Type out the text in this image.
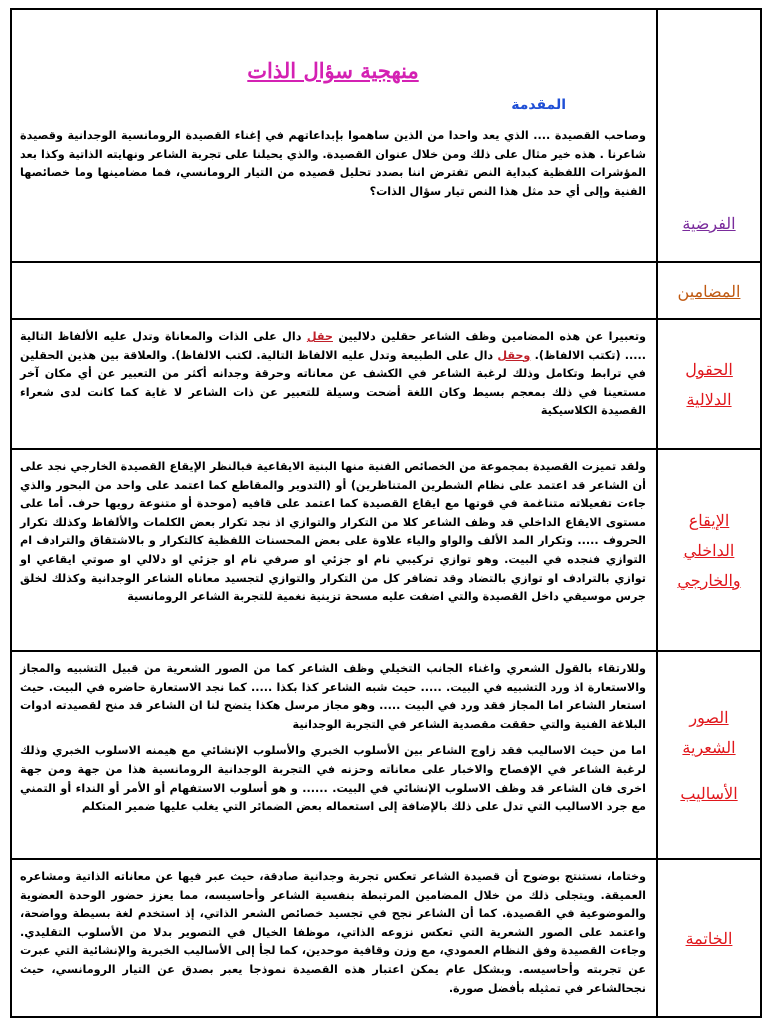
منهجية سؤال الذات
المقدمة

وصاحب القصيدة .... الذي يعد واحدا من الذين ساهموا بإبداعاتهم في إغناء القصيدة الرومانسية الوجدانية وقصيدة شاعرنا . هذه خير مثال على ذلك ومن خلال عنوان القصيدة. والذي يحيلنا على تجربة الشاعر ونهايته الذاتية وكذا بعد المؤشرات اللفظية كبداية النص تفترض اننا بصدد تحليل قصيده من التيار الرومانسي، فما مضامينها وما خصائصها الفنية وإلى أي حد مثل هذا النص تيار سؤال الذات؟

الفرضية
المضامين

وتعبيرا عن هذه المضامين وظف الشاعر حقلين دلاليين حقل دال على الذات والمعاناة وتدل عليه الألفاظ التالية ..... (تكتب الالفاظ). وحقل دال على الطبيعة وتدل عليه الالفاظ التالية. لكتب الالفاظ). والعلاقة بين هذين الحقلين في ترابط وتكامل وذلك لرغبة الشاعر في الكشف عن معاناته وحرقة وجدانه أكثر من التعبير عن أي مكان آخر مستعينا في ذلك بمعجم بسيط وكان اللغة أضحت وسيلة للتعبير عن ذات الشاعر لا غاية كما كانت لدى شعراء القصيدة الكلاسيكية

الحقول
الدلالية

ولقد تميزت القصيدة بمجموعة من الخصائص الفنية منها البنية الايقاعية فبالنظر الإيقاع القصيدة الخارجي نجد على أن الشاعر قد اعتمد على نظام الشطرين المتناظرين) أو (التدوير والمقاطع كما اعتمد على واحد من البحور والذي جاءت تفعيلاته متناغمة في قوتها مع ايقاع القصيدة كما اعتمد على قافيه (موحدة أو متنوعة رويها حرف. أما على مستوى الايقاع الداخلي قد وظف الشاعر كلا من التكرار والتوازي اذ نجد تكرار بعض الكلمات والألفاظ وكذلك تكرار الحروف ..... وتكرار المد الألف والواو والياء علاوة على بعض المحسنات اللفظية كالتكرار و بالاشتقاق والترادف ام التوازي فنجده في البيت. وهو توازي تركيبي نام او جزئي او صرفي نام او جزئي او دلالي او صوتي ايقاعي او توازي بالترادف او توازي بالتضاد وقد تضافر كل من التكرار والتوازي لتجسيد معاناه الشاعر الوجدانية وكذلك لخلق جرس موسيقي داخل القصيدة والتي اضفت عليه مسحة تزينية نغمية للتجربة الشاعر الرومانسية

الإيقاع
الداخلي
والخارجي

وللارتقاء بالقول الشعري واغناء الجانب التخيلي وظف الشاعر كما من الصور الشعرية من قبيل التشبيه والمجاز والاستعارة اذ ورد التشبيه في البيت. ..... حيث شبه الشاعر كذا بكذا ..... كما نجد الاستعارة حاضره في البيت. حيث استعار الشاعر اما المجاز فقد ورد في البيت ..... وهو مجاز مرسل هكذا يتضح لنا ان الشاعر قد منح لقصيدته ادوات البلاغة الفنية والتي حققت مقصدية الشاعر في التجربة الوجدانية

اما من حيث الاساليب فقد زاوج الشاعر بين الأسلوب الخبري والأسلوب الإنشائي مع هيمنه الاسلوب الخبري وذلك لرغبة الشاعر في الإفصاح والاخبار على معاناته وحزنه في التجربة الوجدانية الرومانسية هذا من جهة ومن جهة اخرى فان الشاعر قد وظف الاسلوب الإنشائي في البيت. ...... و هو أسلوب الاستفهام أو الأمر أو النداء أو التمني مع جرد الاساليب التي تدل على ذلك بالإضافة إلى استعماله بعض الضمائر التي يغلب عليها ضمير المتكلم

الصور
الشعرية
الأساليب

وختاما، نستنتج بوضوح أن قصيدة الشاعر تعكس تجربة وجدانية صادقة، حيث عبر فيها عن معاناته الذاتية ومشاعره العميقة. ويتجلى ذلك من خلال المضامين المرتبطة بنفسية الشاعر وأحاسيسه، مما يعزز حضور الوحدة العضوية والموضوعية في القصيدة. كما أن الشاعر نجح في تجسيد خصائص الشعر الذاتي، إذ استخدم لغة بسيطة وواضحة، واعتمد على الصور الشعرية التي تعكس نزوعه الذاتي، موظفا الخيال في التصوير بدلا من الأسلوب التقليدي. وجاءت القصيدة وفق النظام العمودي، مع وزن وقافية موحدين، كما لجأ إلى الأساليب الخبرية والإنشائية التي عبرت عن تجربته وأحاسيسه. وبشكل عام يمكن اعتبار هذه القصيدة نموذجا يعبر بصدق عن التيار الرومانسي، حيث نجحالشاعر في تمثيله بأفضل صورة.

الخاتمة
